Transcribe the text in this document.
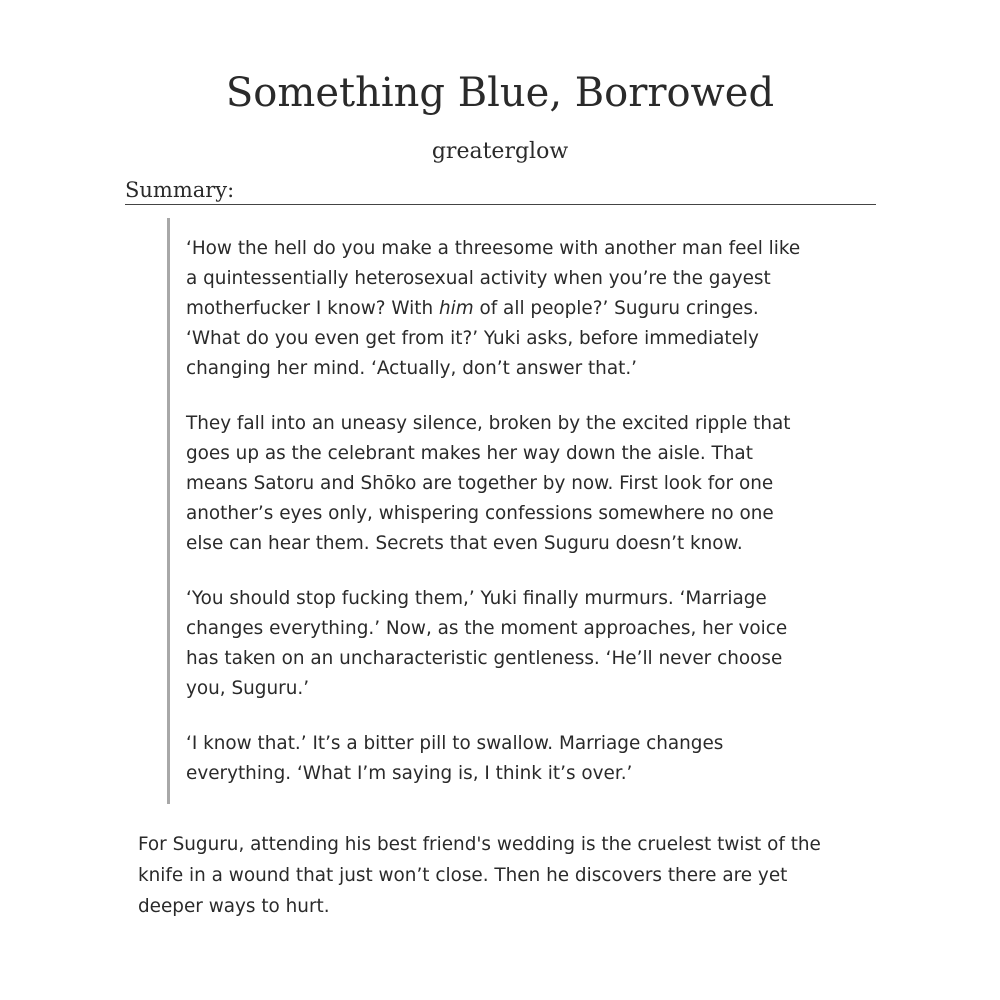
Something Blue, Borrowed
greaterglow
Summary:

‘How the hell do you make a threesome with another man feel like
a quintessentially heterosexual activity when you’re the gayest
motherfucker I know? With him of all people?’ Suguru cringes.
‘What do you even get from it?’ Yuki asks, before immediately
changing her mind. ‘Actually, don’t answer that.’

They fall into an uneasy silence, broken by the excited ripple that
goes up as the celebrant makes her way down the aisle. That
means Satoru and Shōko are together by now. First look for one
another’s eyes only, whispering confessions somewhere no one
else can hear them. Secrets that even Suguru doesn’t know.

‘You should stop fucking them,’ Yuki finally murmurs. ‘Marriage
changes everything.’ Now, as the moment approaches, her voice
has taken on an uncharacteristic gentleness. ‘He’ll never choose
you, Suguru.’

‘I know that.’ It’s a bitter pill to swallow. Marriage changes
everything. ‘What I’m saying is, I think it’s over.’

For Suguru, attending his best friend's wedding is the cruelest twist of the
knife in a wound that just won’t close. Then he discovers there are yet
deeper ways to hurt.
